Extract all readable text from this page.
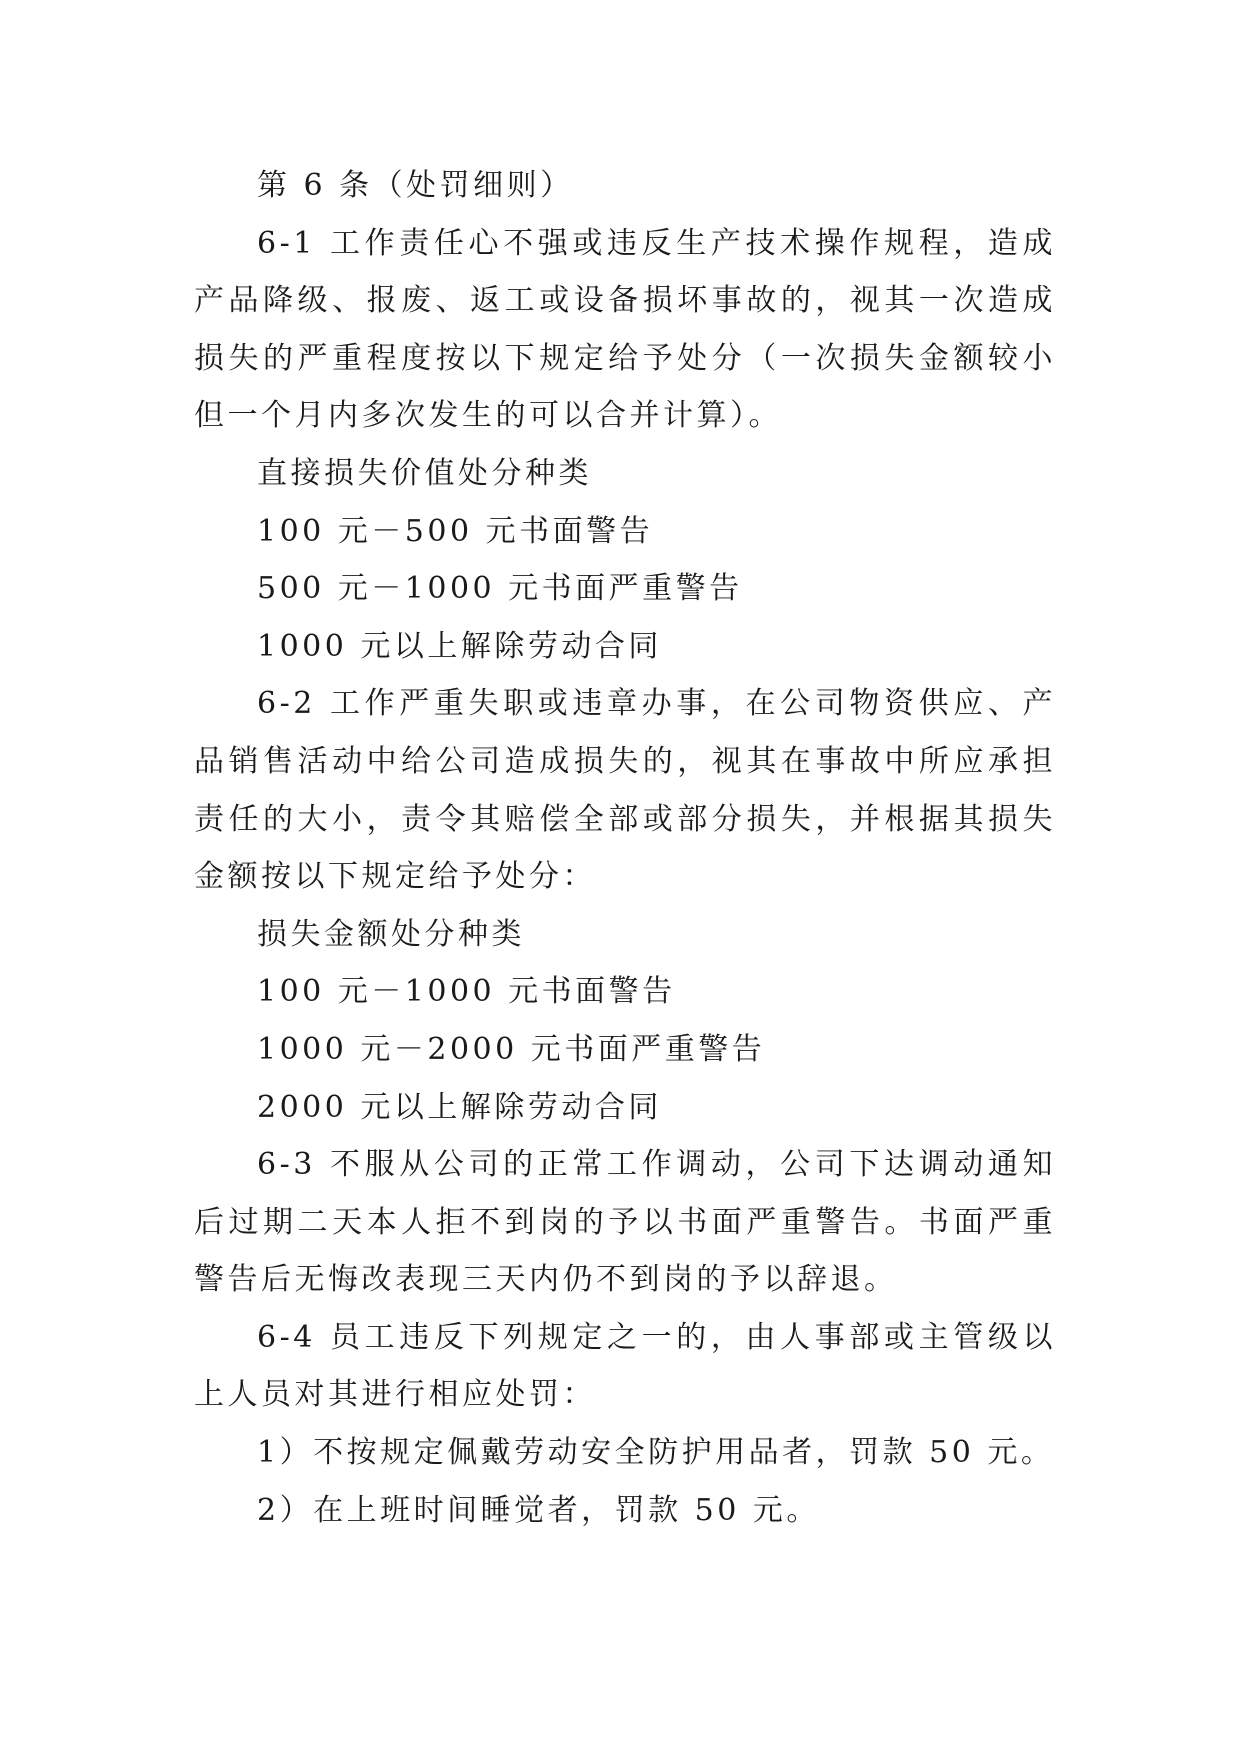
第 6 条（处罚细则）

6-1 工作责任心不强或违反生产技术操作规程，造成产品降级、报废、返工或设备损坏事故的，视其一次造成损失的严重程度按以下规定给予处分（一次损失金额较小但一个月内多次发生的可以合并计算）。

直接损失价值处分种类

100 元－500 元书面警告

500 元－1000 元书面严重警告

1000 元以上解除劳动合同

6-2 工作严重失职或违章办事，在公司物资供应、产品销售活动中给公司造成损失的，视其在事故中所应承担责任的大小，责令其赔偿全部或部分损失，并根据其损失金额按以下规定给予处分：

损失金额处分种类

100 元－1000 元书面警告

1000 元－2000 元书面严重警告

2000 元以上解除劳动合同

6-3 不服从公司的正常工作调动，公司下达调动通知后过期二天本人拒不到岗的予以书面严重警告。书面严重警告后无悔改表现三天内仍不到岗的予以辞退。

6-4 员工违反下列规定之一的，由人事部或主管级以上人员对其进行相应处罚：

1）不按规定佩戴劳动安全防护用品者，罚款 50 元。

2）在上班时间睡觉者，罚款 50 元。
